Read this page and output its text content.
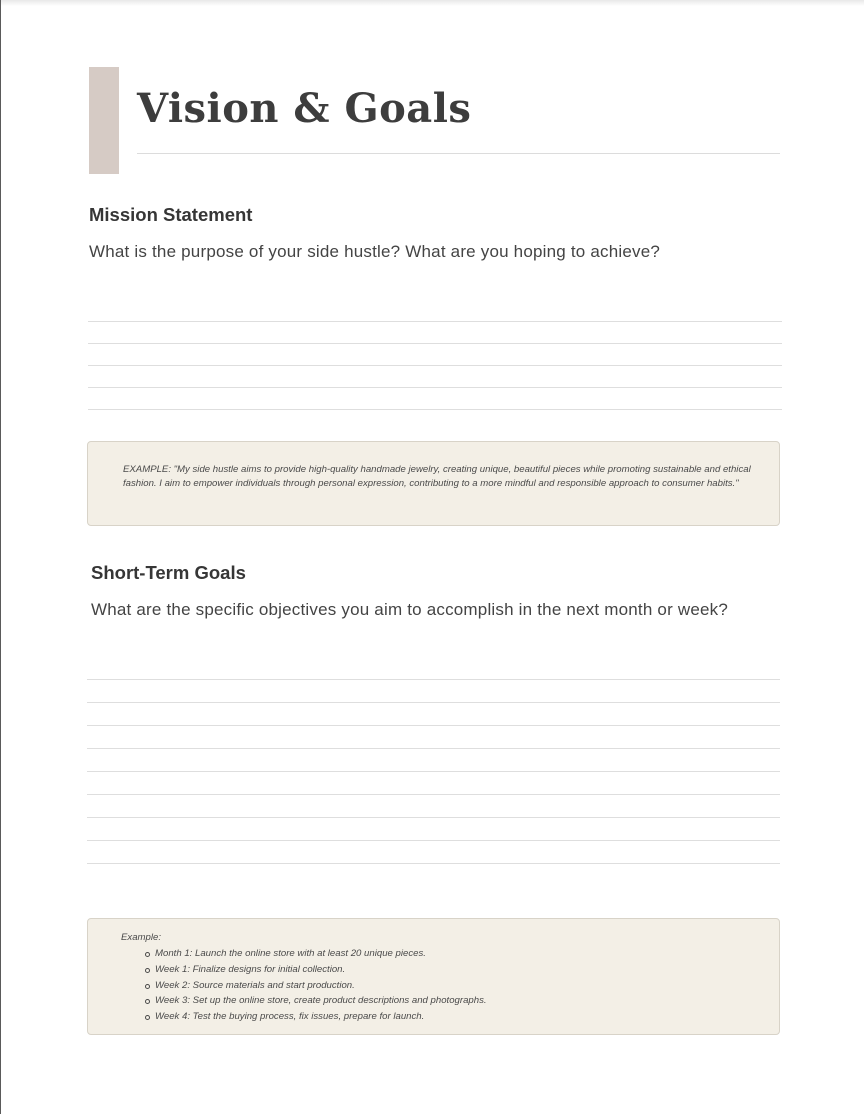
Vision & Goals
Mission Statement

What is the purpose of your side hustle? What are you hoping to achieve?

EXAMPLE: "My side hustle aims to provide high-quality handmade jewelry, creating unique, beautiful pieces while promoting sustainable and ethical fashion. I aim to empower individuals through personal expression, contributing to a more mindful and responsible approach to consumer habits."

Short-Term Goals

What are the specific objectives you aim to accomplish in the next month or week?

Example:

Month 1: Launch the online store with at least 20 unique pieces.
Week 1: Finalize designs for initial collection.
Week 2: Source materials and start production.
Week 3: Set up the online store, create product descriptions and photographs.
Week 4: Test the buying process, fix issues, prepare for launch.
